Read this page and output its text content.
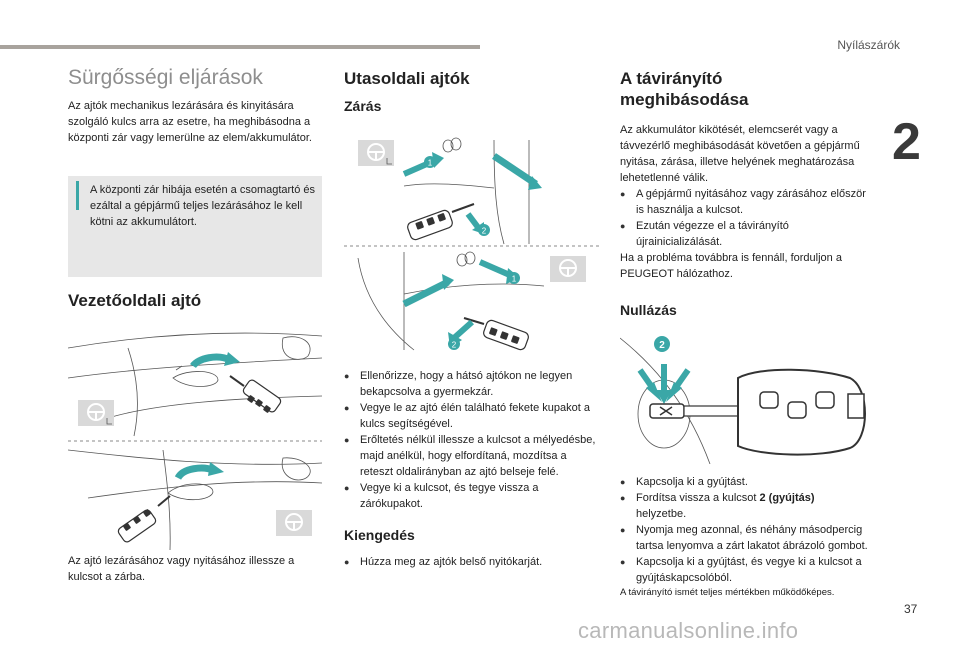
Nyílászárók
2
Sürgősségi eljárások
Az ajtók mechanikus lezárására és kinyitására szolgáló kulcs arra az esetre, ha meghibásodna a központi zár vagy lemerülne az elem/akkumulátor.
A központi zár hibája esetén a csomagtartó és ezáltal a gépjármű teljes lezárásához le kell kötni az akkumulátort.
Vezetőoldali ajtó
Az ajtó lezárásához vagy nyitásához illessze a kulcsot a zárba.
Utasoldali ajtók
Zárás
1
2
1
2
● Ellenőrizze, hogy a hátsó ajtókon ne legyen bekapcsolva a gyermekzár.
● Vegye le az ajtó élén található fekete kupakot a kulcs segítségével.
● Erőltetés nélkül illessze a kulcsot a mélyedésbe, majd anélkül, hogy elfordítaná, mozdítsa a reteszt oldalirányban az ajtó belseje felé.
● Vegye ki a kulcsot, és tegye vissza a zárókupakot.
Kiengedés
● Húzza meg az ajtók belső nyitókarját.
A távirányító
meghibásodása
Az akkumulátor kikötését, elemcserét vagy a távvezérlő meghibásodását követően a gépjármű nyitása, zárása, illetve helyének meghatározása lehetetlenné válik.
● A gépjármű nyitásához vagy zárásához először is használja a kulcsot.
● Ezután végezze el a távirányító újrainicializálását.
Ha a probléma továbbra is fennáll, forduljon a PEUGEOT hálózathoz.
Nullázás
2
● Kapcsolja ki a gyújtást.
● Fordítsa vissza a kulcsot 2 (gyújtás)
helyzetbe.
● Nyomja meg azonnal, és néhány másodpercig tartsa lenyomva a zárt lakatot ábrázoló gombot.
● Kapcsolja ki a gyújtást, és vegye ki a kulcsot a gyújtáskapcsolóból.
A távirányító ismét teljes mértékben működőképes.
37
carmanualsonline.info
